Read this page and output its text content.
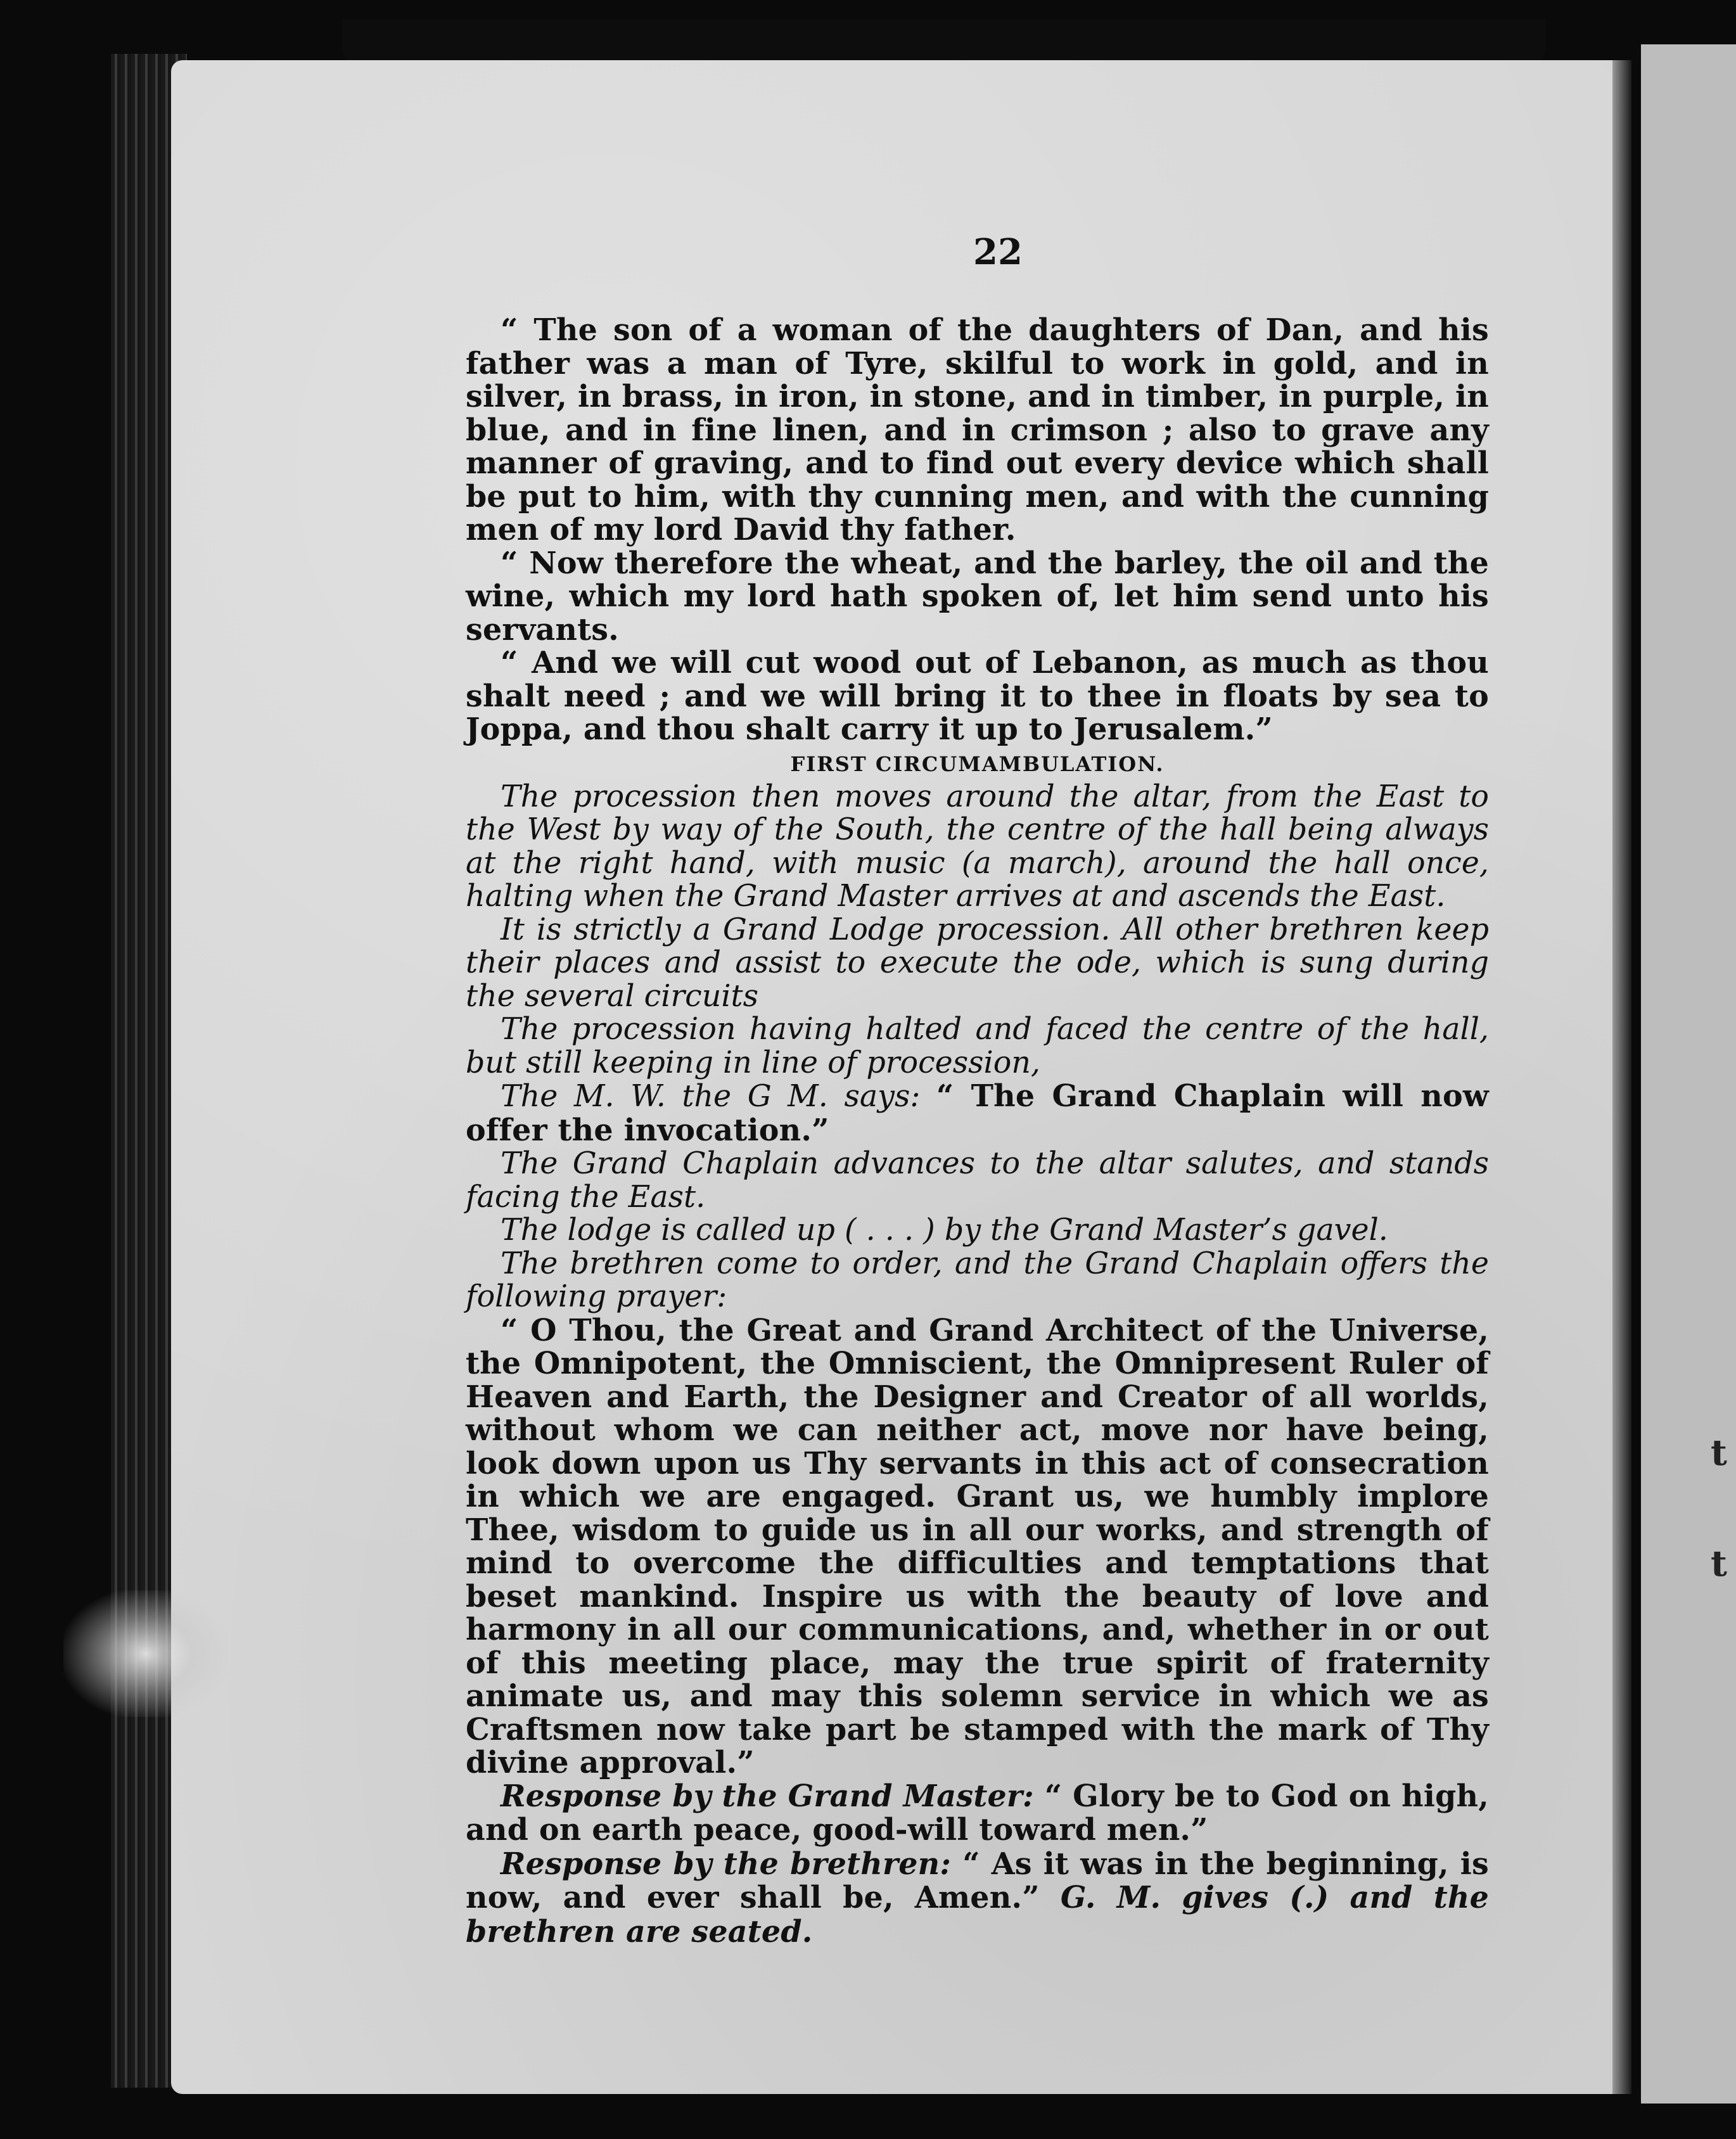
t
t
22

“ The son of a woman of the daughters of Dan, and his father was a man of Tyre, skilful to work in gold, and in silver, in brass, in iron, in stone, and in timber, in purple, in blue, and in fine linen, and in crimson ; also to grave any manner of graving, and to find out every device which shall be put to him, with thy cunning men, and with the cunning men of my lord David thy father.

“ Now therefore the wheat, and the barley, the oil and the wine, which my lord hath spoken of, let him send unto his servants.

“ And we will cut wood out of Lebanon, as much as thou shalt need ; and we will bring it to thee in floats by sea to Joppa, and thou shalt carry it up to Jerusalem.”

FIRST CIRCUMAMBULATION.

The procession then moves around the altar, from the East to the West by way of the South, the centre of the hall being always at the right hand, with music (a march), around the hall once, halting when the Grand Master arrives at and ascends the East.

It is strictly a Grand Lodge procession. All other brethren keep their places and assist to execute the ode, which is sung during the several circuits

The procession having halted and faced the centre of the hall, but still keeping in line of procession,

The M. W. the G M. says: “ The Grand Chaplain will now offer the invocation.”

The Grand Chaplain advances to the altar salutes, and stands facing the East.

The lodge is called up ( . . . ) by the Grand Master’s gavel.

The brethren come to order, and the Grand Chaplain offers the following prayer:

“ O Thou, the Great and Grand Architect of the Universe, the Omnipotent, the Omniscient, the Omnipresent Ruler of Heaven and Earth, the Designer and Creator of all worlds, without whom we can neither act, move nor have being, look down upon us Thy servants in this act of consecration in which we are engaged. Grant us, we humbly implore Thee, wisdom to guide us in all our works, and strength of mind to overcome the difficulties and temptations that beset mankind. Inspire us with the beauty of love and harmony in all our communications, and, whether in or out of this meeting place, may the true spirit of fraternity animate us, and may this solemn service in which we as Craftsmen now take part be stamped with the mark of Thy divine approval.”

Response by the Grand Master: “ Glory be to God on high, and on earth peace, good-will toward men.”

Response by the brethren: “ As it was in the beginning, is now, and ever shall be, Amen.” G. M. gives (.) and the brethren are seated.
